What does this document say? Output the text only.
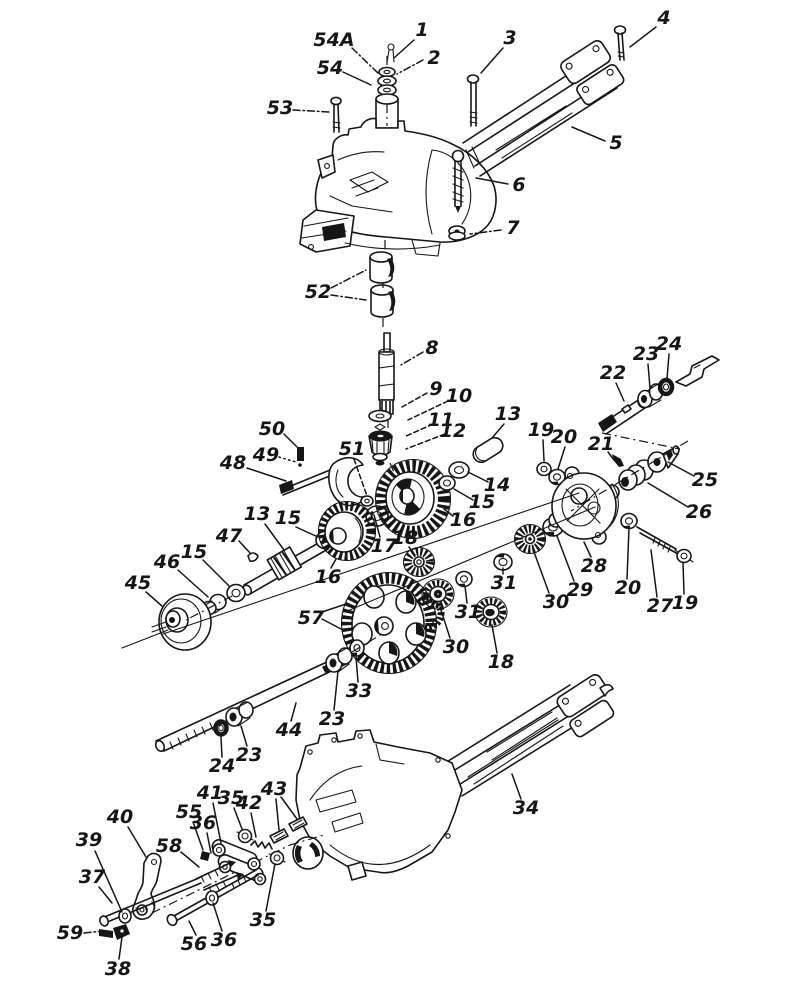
1
54A
2
54
3
4
53
5
6
7
52
8
9 10
11
12
13
19
20 21
22
23
24
25
26
28
29
30
31
31
30
18
20
27
19
14
15
16
17
18
50
49
48
51
13 15
47
46 15
45	16
57
33
23
44
23
24
34
40
39
37
59
38
58
55
36
41
35
42
43
35
56 36
